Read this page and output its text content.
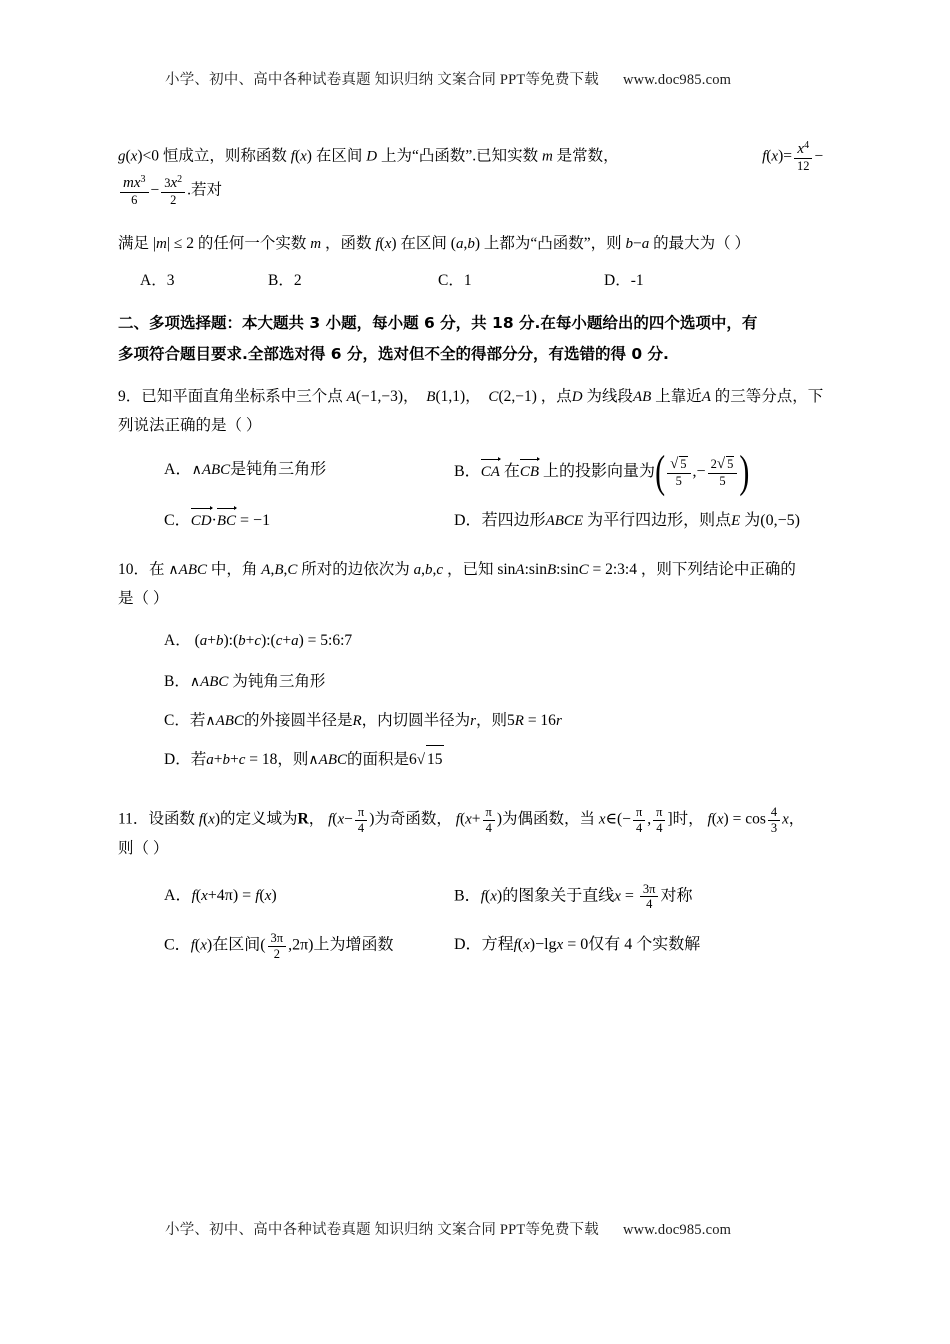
小学、初中、高中各种试卷真题 知识归纳 文案合同 PPT等免费下载 www.doc985.com

g(x)<0 恒成立，则称函数 f(x) 在区间 D 上为“凸函数”.已知实数 m 是常数，	$f(x)= \frac{x^4}{12}$ −
$\frac{mx^3}{6} - \frac{3x^2}{2}$ .若对

满足 |m| ≤ 2 的任何一个实数 m ，函数 f(x) 在区间 (a,b) 上都为“凸函数”，则 b−a 的最大为（ ）

A．3	B．2	C．1	D．-1
二、多项选择题：本大题共 3 小题，每小题 6 分，共 18 分.在每小题给出的四个选项中，有
多项符合题目要求.全部选对得 6 分，选对但不全的得部分分，有选错的得 0 分.

9．已知平面直角坐标系中三个点 A(−1,−3)， B(1,1)， C(2,−1) ，点D 为线段AB 上靠近A 的三等分点，下

列说法正确的是（ ）

A．∧ABC是钝角三角形	B．CA 在CB 上的投影向量为( $\frac{√ 5}{5}$ ,− $\frac{2√ 5}{5}$ )
C．CD·BC = −1	D．若四边形ABCE 为平行四边形，则点E 为(0,−5)

10．在 ∧ABC 中，角 A,B,C 所对的边依次为 a,b,c ，已知 sinA:sinB:sinC = 2:3:4 ，则下列结论中正确的

是（ ）

A． (a+b):(b+c):(c+a) = 5:6:7

B．∧ABC 为钝角三角形

C．若∧ABC的外接圆半径是R，内切圆半径为r，则5R = 16r

D．若a+b+c = 18，则∧ABC的面积是6√ 15

11．设函数 f(x)的定义域为R， $f(x- \frac{\pi}{4}$ )为奇函数， $f(x+ \frac{\pi}{4}$ )为偶函数，当 x∈(− $\frac{\pi}{4}$ , $\frac{\pi}{4}$ ]时， $f(x) = \cos \frac{4}{3}$ x，

则（ ）

A．f(x+4π) = f(x)	B．f(x)的图象关于直线$x = \frac{3\pi}{4}$ 对称
C．f(x)在区间( $\frac{3\pi}{2} ,2\pi$)上为增函数	D．方程f(x)−lgx = 0仅有 4 个实数解
小学、初中、高中各种试卷真题 知识归纳 文案合同 PPT等免费下载 www.doc985.com
